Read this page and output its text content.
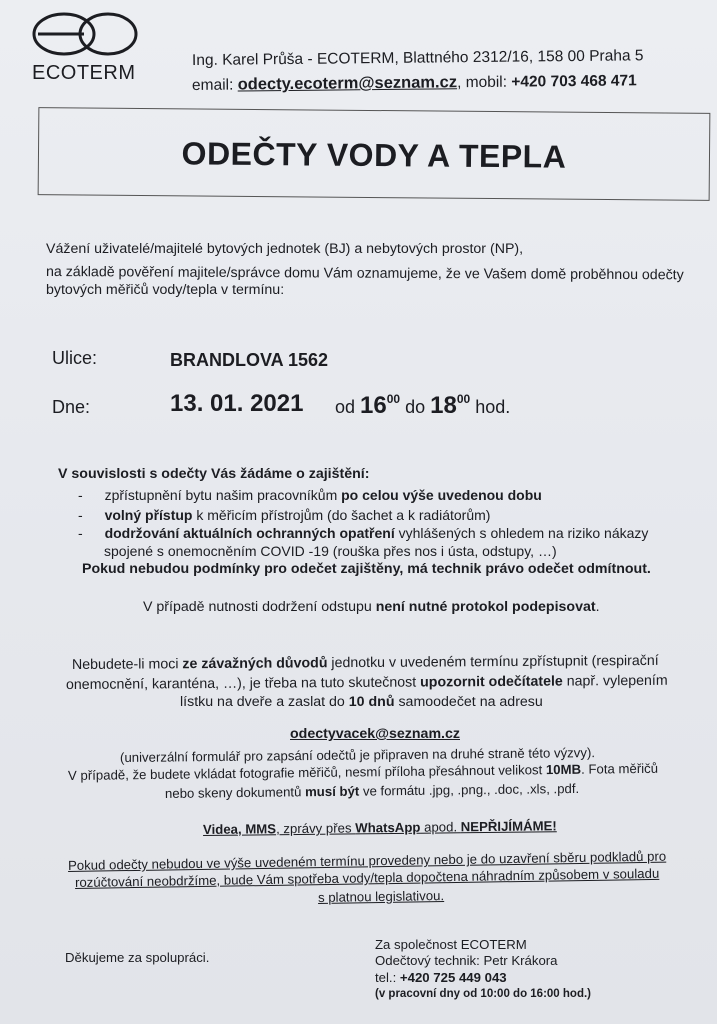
ECOTERM
Ing. Karel Průša - ECOTERM, Blattného 2312/16, 158 00 Praha 5
email: odecty.ecoterm@seznam.cz, mobil: +420 703 468 471
ODEČTY VODY A TEPLA
Vážení uživatelé/majitelé bytových jednotek (BJ) a nebytových prostor (NP),
na základě pověření majitele/správce domu Vám oznamujeme, že ve Vašem domě proběhnou odečty
bytových měřičů vody/tepla v termínu:
Ulice:	BRANDLOVA 1562
Dne:	13. 01. 2021 od $16^{00}$ do $18^{00}$ hod.
V souvislosti s odečty Vás žádáme o zajištění:
- zpřístupnění bytu našim pracovníkům po celou výše uvedenou dobu
- volný přístup k měřicím přístrojům (do šachet a k radiátorům)
- dodržování aktuálních ochranných opatření vyhlášených s ohledem na riziko nákazy
spojené s onemocněním COVID -19 (rouška přes nos i ústa, odstupy, …)
Pokud nebudou podmínky pro odečet zajištěny, má technik právo odečet odmítnout.
V případě nutnosti dodržení odstupu není nutné protokol podepisovat.
Nebudete-li moci ze závažných důvodů jednotku v uvedeném termínu zpřístupnit (respirační
onemocnění, karanténa, …), je třeba na tuto skutečnost upozornit odečítatele např. vylepením
lístku na dveře a zaslat do 10 dnů samoodečet na adresu
odectyvacek@seznam.cz
(univerzální formulář pro zapsání odečtů je připraven na druhé straně této výzvy).
V případě, že budete vkládat fotografie měřičů, nesmí příloha přesáhnout velikost 10MB. Fota měřičů
nebo skeny dokumentů musí být ve formátu .jpg, .png., .doc, .xls, .pdf.
Videa, MMS, zprávy přes WhatsApp apod. NEPŘIJÍMÁME!
Pokud odečty nebudou ve výše uvedeném termínu provedeny nebo je do uzavření sběru podkladů pro
rozúčtování neobdržíme, bude Vám spotřeba vody/tepla dopočtena náhradním způsobem v souladu
s platnou legislativou.
Děkujeme za spolupráci.
Za společnost ECOTERM
Odečtový technik: Petr Krákora
tel.: +420 725 449 043
(v pracovní dny od 10:00 do 16:00 hod.)
